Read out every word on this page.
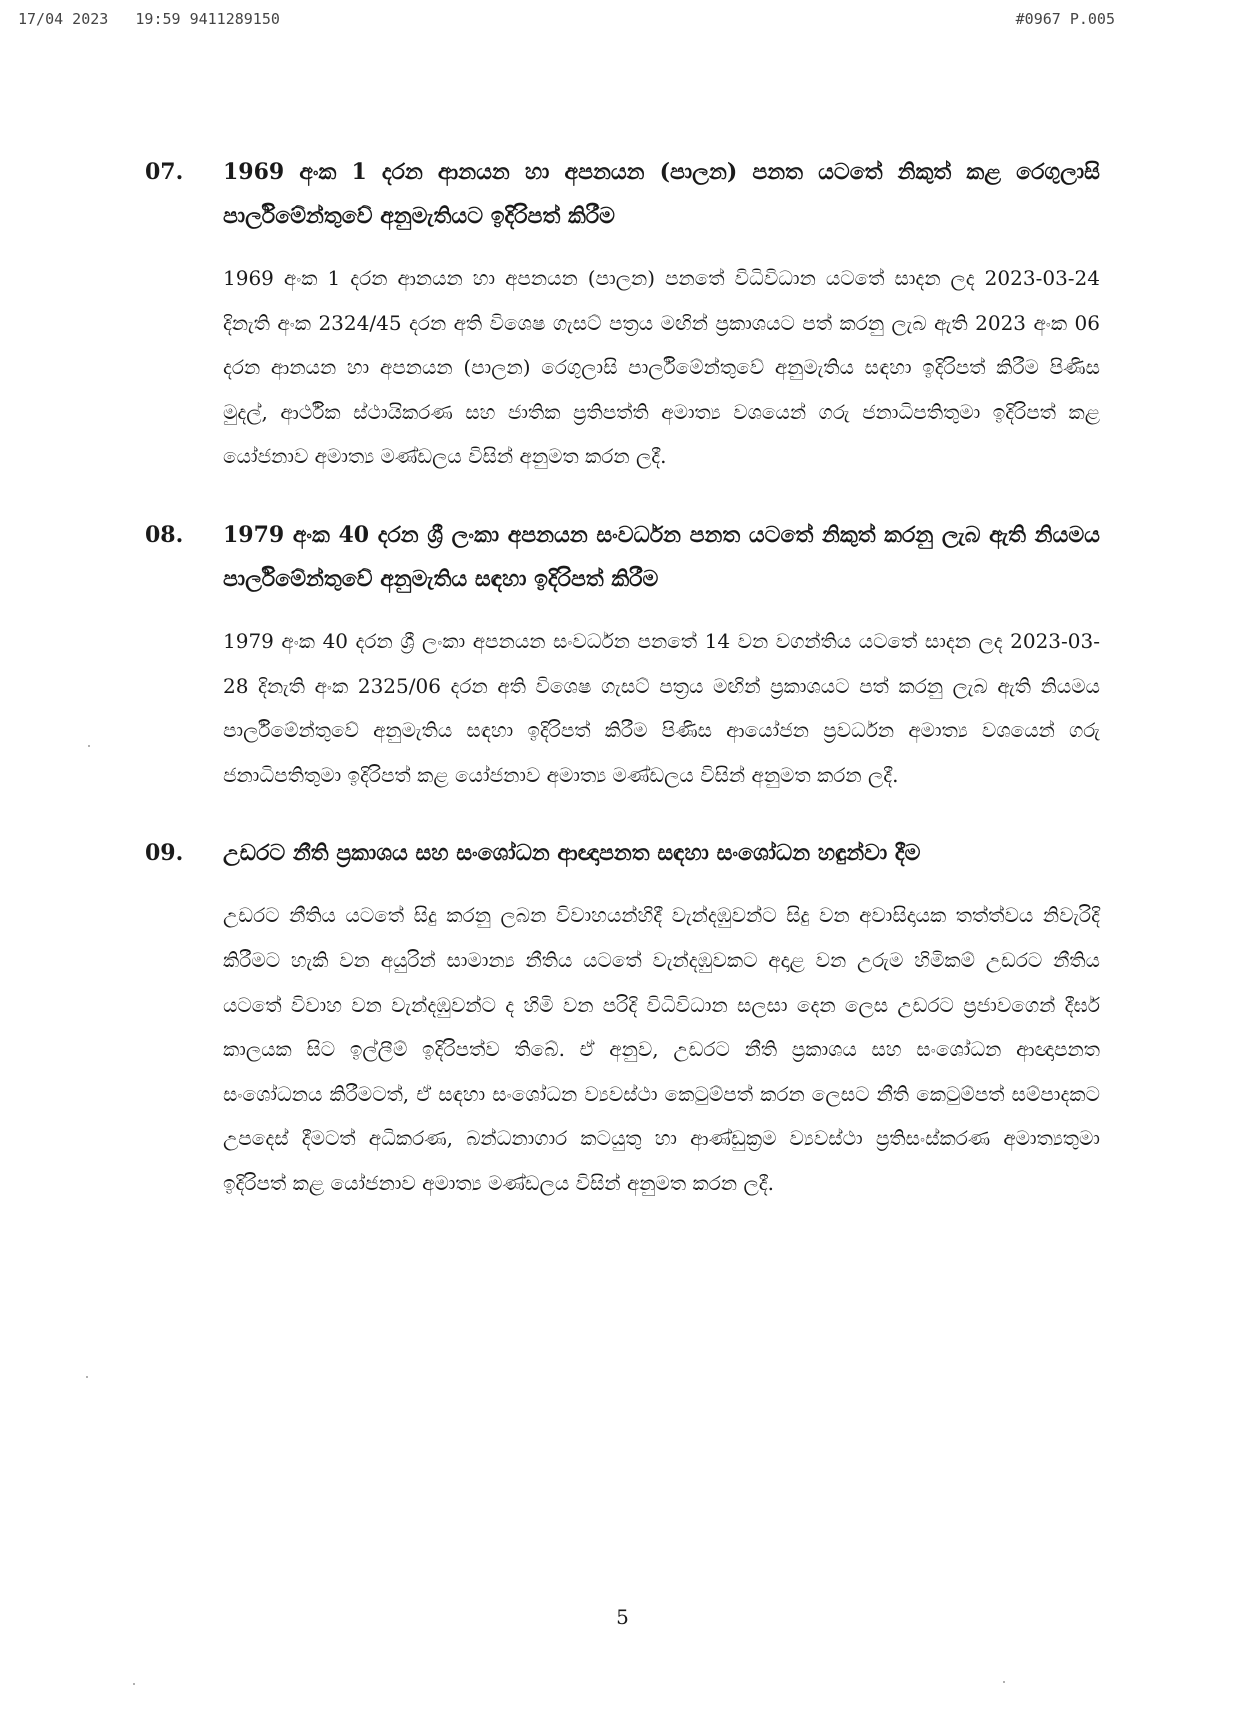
17/04 2023   19:59 9411289150	#0967 P.005
07.	1969 අංක 1 දරන ආනයන හා අපනයන (පාලන) පනත යටතේ නිකුත් කළ රෙගුලාසි පාර්ලිමේන්තුවේ අනුමැතියට ඉදිරිපත් කිරීම
1969 අංක 1 දරන ආනයන හා අපනයන (පාලන) පනතේ විධිවිධාන යටතේ සාදන ලද 2023-03-24 දිනැති අංක 2324/45 දරන අති විශෙෂ ගැසට් පත්‍රය මඟින් ප්‍රකාශයට පත් කරනු ලැබ ඇති 2023 අංක 06 දරන ආනයන හා අපනයන (පාලන) රෙගුලාසි පාර්ලිමේන්තුවේ අනුමැතිය සඳහා ඉදිරිපත් කිරීම පිණිස මුදල්, ආර්ථික ස්ථායිකරණ සහ ජාතික ප්‍රතිපත්ති අමාත්‍ය වශයෙන් ගරු ජනාධිපතිතුමා ඉදිරිපත් කළ යෝජනාව අමාත්‍ය මණ්ඩලය විසින් අනුමත කරන ලදී.
08.	1979 අංක 40 දරන ශ්‍රී ලංකා අපනයන සංවර්ධන පනත යටතේ නිකුත් කරනු ලැබ ඇති නියමය පාර්ලිමේන්තුවේ අනුමැතිය සඳහා ඉදිරිපත් කිරීම
1979 අංක 40 දරන ශ්‍රී ලංකා අපනයන සංවර්ධන පනතේ 14 වන වගන්තිය යටතේ සාදන ලද 2023-03-28 දිනැති අංක 2325/06 දරන අති විශෙෂ ගැසට් පත්‍රය මඟින් ප්‍රකාශයට පත් කරනු ලැබ ඇති නියමය පාර්ලිමේන්තුවේ අනුමැතිය සඳහා ඉදිරිපත් කිරීම පිණිස ආයෝජන ප්‍රවර්ධන අමාත්‍ය වශයෙන් ගරු ජනාධිපතිතුමා ඉදිරිපත් කළ යෝජනාව අමාත්‍ය මණ්ඩලය විසින් අනුමත කරන ලදී.
09.	උඩරට නීති ප්‍රකාශය සහ සංශෝධන ආඥාපනත සඳහා සංශෝධන හඳුන්වා දීම
උඩරට නීතිය යටතේ සිදු කරනු ලබන විවාහයන්හිදී වැන්දඹුවන්ට සිදු වන අවාසිදායක තත්ත්වය නිවැරිදි කිරීමට හැකි වන අයුරින් සාමාන්‍ය නීතිය යටතේ වැන්දඹුවකට අදාළ වන උරුම හිමිකම් උඩරට නීතිය යටතේ විවාහ වන වැන්දඹුවන්ට ද හිමි වන පරිදි විධිවිධාන සලසා දෙන ලෙස උඩරට ප්‍රජාවගෙන් දීර්ඝ කාලයක සිට ඉල්ලීම් ඉදිරිපත්ව තිබේ. ඒ අනුව, උඩරට නීති ප්‍රකාශය සහ සංශෝධන ආඥාපනත සංශෝධනය කිරීමටත්, ඒ සඳහා සංශෝධන ව්‍යවස්ථා කෙටුම්පත් කරන ලෙසට නීති කෙටුම්පත් සම්පාදකට උපදෙස් දීමටත් අධිකරණ, බන්ධනාගාර කටයුතු හා ආණ්ඩුක්‍රම ව්‍යවස්ථා ප්‍රතිසංස්කරණ අමාත්‍යතුමා ඉදිරිපත් කළ යෝජනාව අමාත්‍ය මණ්ඩලය විසින් අනුමත කරන ලදී.
5
